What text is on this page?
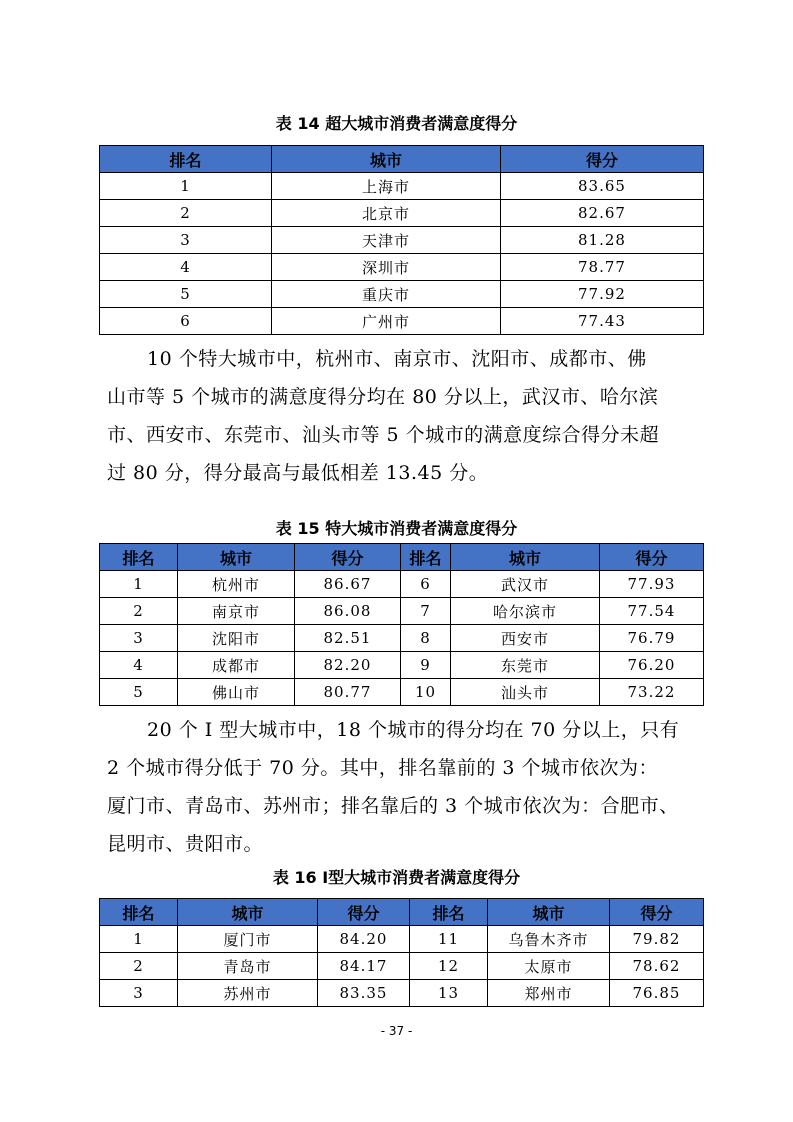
表 14 超大城市消费者满意度得分
排名	城市	得分
1	上海市	83.65
2	北京市	82.67
3	天津市	81.28
4	深圳市	78.77
5	重庆市	77.92
6	广州市	77.43
10 个特大城市中，杭州市、南京市、沈阳市、成都市、佛
山市等 5 个城市的满意度得分均在 80 分以上，武汉市、哈尔滨
市、西安市、东莞市、汕头市等 5 个城市的满意度综合得分未超
过 80 分，得分最高与最低相差 13.45 分。
表 15 特大城市消费者满意度得分
排名	城市	得分	排名	城市	得分
1	杭州市	86.67	6	武汉市	77.93
2	南京市	86.08	7	哈尔滨市	77.54
3	沈阳市	82.51	8	西安市	76.79
4	成都市	82.20	9	东莞市	76.20
5	佛山市	80.77	10	汕头市	73.22
20 个 I 型大城市中，18 个城市的得分均在 70 分以上，只有
2 个城市得分低于 70 分。其中，排名靠前的 3 个城市依次为：
厦门市、青岛市、苏州市；排名靠后的 3 个城市依次为：合肥市、
昆明市、贵阳市。
表 16 Ⅰ型大城市消费者满意度得分
排名	城市	得分	排名	城市	得分
1	厦门市	84.20	11	乌鲁木齐市	79.82
2	青岛市	84.17	12	太原市	78.62
3	苏州市	83.35	13	郑州市	76.85
- 37 -
